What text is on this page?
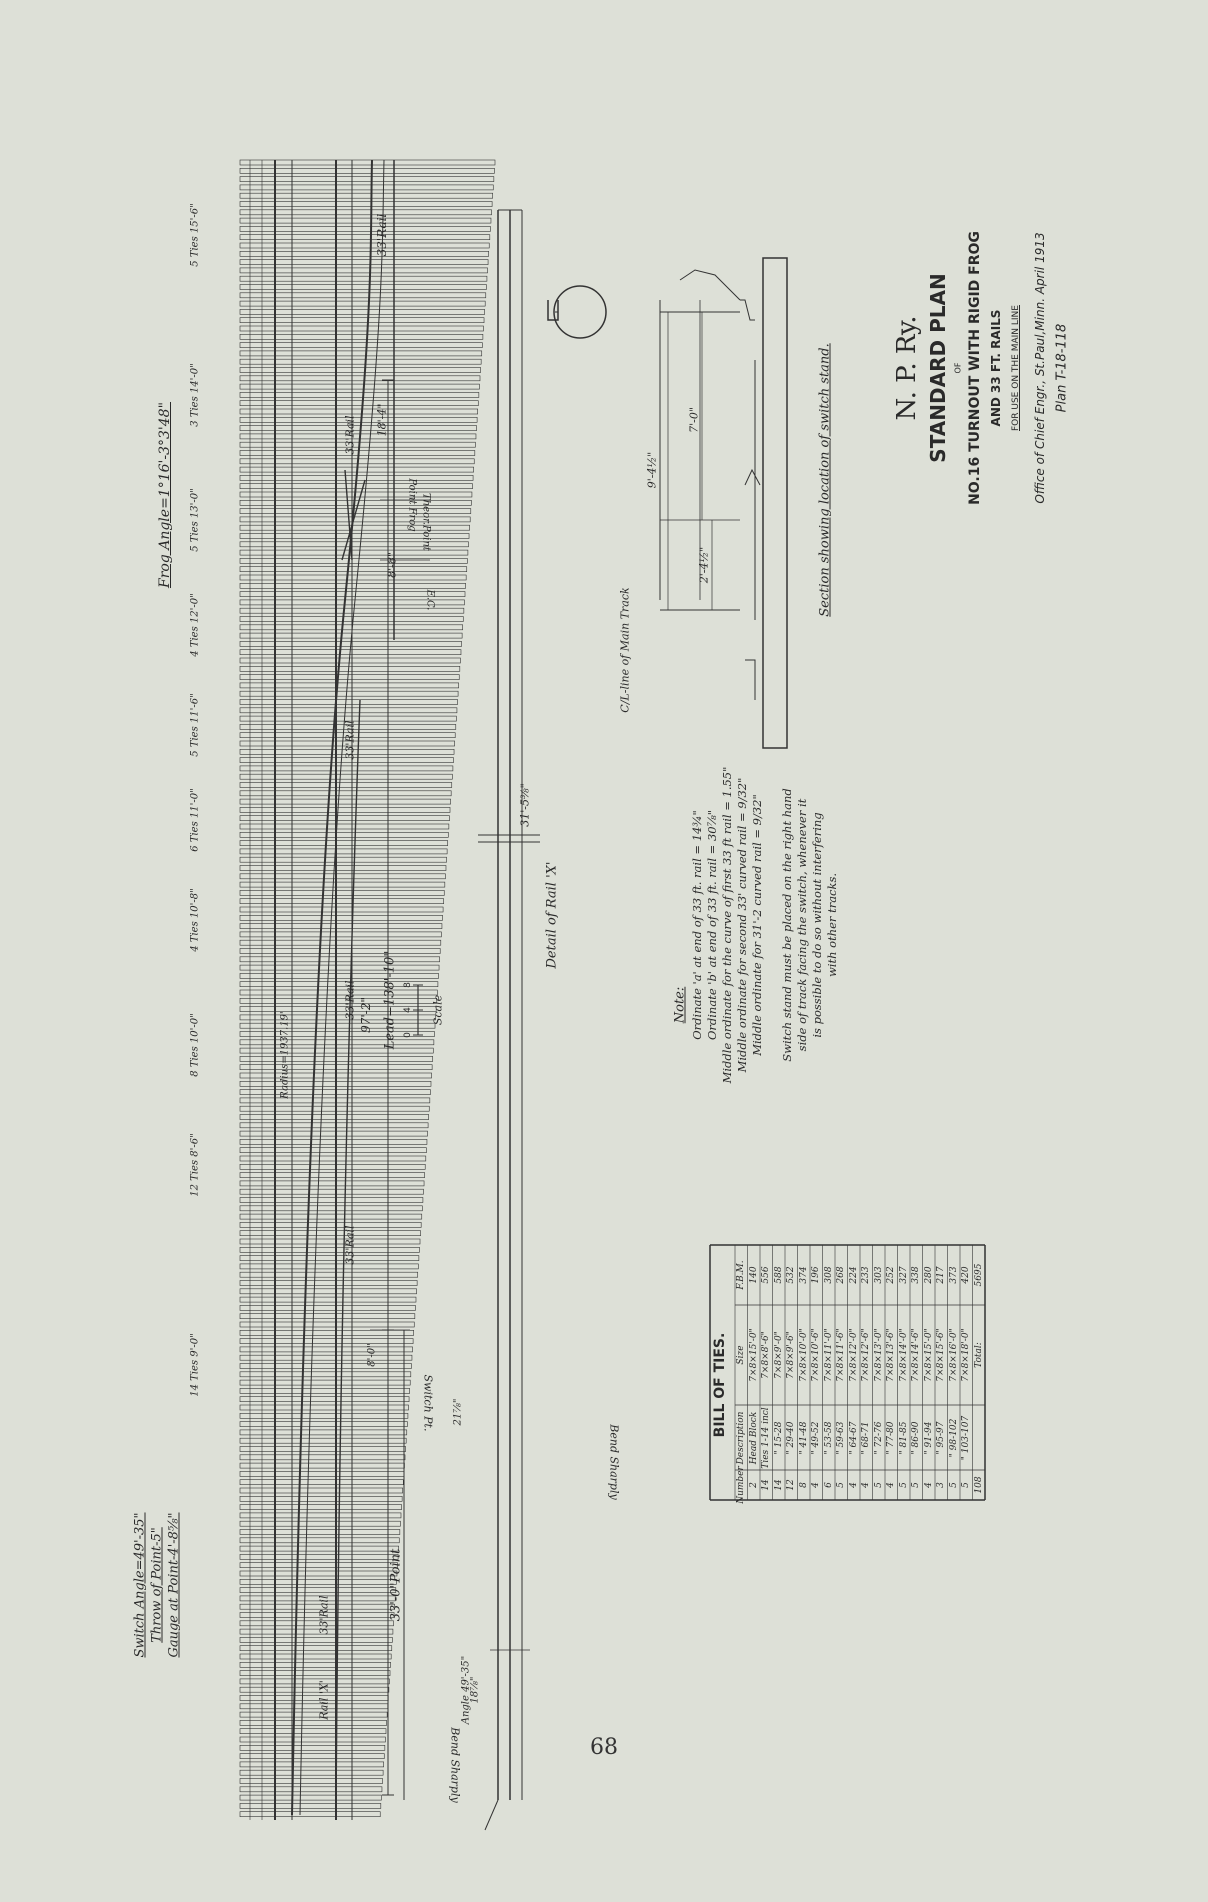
Frog Angle=1°16'-3°3'48"
Switch Angle=49'-35" Throw of Point-5" Gauge at Point-4'-8⅝"
Rail 'X'
33'Rail
33'Rail
33'Rail
33'Rail
33'Rail
33'Rail
Switch Pt.
33'-0"Point
8'-0"
8'-8"
18'-4"
97'-2" Lead=138'-10"
Radius=1937.19'
Point Frog Theor.Point
E.C.
Bend Sharply
Bend Sharply
Angle 49'-35"
21⅞"
18⅞"
31'-5⅜"
Detail of Rail 'X'
Scale
0
4
8
14 Ties 9'-0"
12 Ties 8'-6"
8 Ties 10'-0"
4 Ties 10'-8"
6 Ties 11'-0"
5 Ties 11'-6"
4 Ties 12'-0"
5 Ties 13'-0"
3 Ties 14'-0"
5 Ties 15'-6"
Section showing location of switch stand.
9'-4½"
7'-0"
2'-4½"
C/L-line of Main Track
N. P. Ry. STANDARD PLAN OF NO.16 TURNOUT WITH RIGID FROG AND 33 FT. RAILS FOR USE ON THE MAIN LINE Office of Chief Engr., St.Paul,Minn. April 1913 Plan T-18-118
Note: Ordinate 'a' at end of 33 ft. rail = 14¾" Ordinate 'b' at end of 33 ft. rail = 30⅞" Middle ordinate for the curve of first 33 ft rail = 1.55" Middle ordinate for second 33' curved rail = 9/32" Middle ordinate for 31'-2 curved rail = 9/32" Switch stand must be placed on the right hand side of track facing the switch, whenever it is possible to do so without interfering with other tracks.
BILL OF TIES.
Number
Description
Size
F.B.M.
2
Head Block
7×8×15'-0"
140
14
Ties 1-14 incl
7×8×8'-6"
556
14
" 15-28
7×8×9'-0"
588
12
" 29-40
7×8×9'-6"
532
8
" 41-48
7×8×10'-0"
374
4
" 49-52
7×8×10'-6"
196
6
" 53-58
7×8×11'-0"
308
5
" 59-63
7×8×11'-6"
268
4
" 64-67
7×8×12'-0"
224
4
" 68-71
7×8×12'-6"
233
5
" 72-76
7×8×13'-0"
303
4
" 77-80
7×8×13'-6"
252
5
" 81-85
7×8×14'-0"
327
5
" 86-90
7×8×14'-6"
338
4
" 91-94
7×8×15'-0"
280
3
" 95-97
7×8×15'-6"
217
5
" 98-102
7×8×16'-0"
373
5
" 103-107
7×8×18'-0"
420
108
Total:
5695
68
